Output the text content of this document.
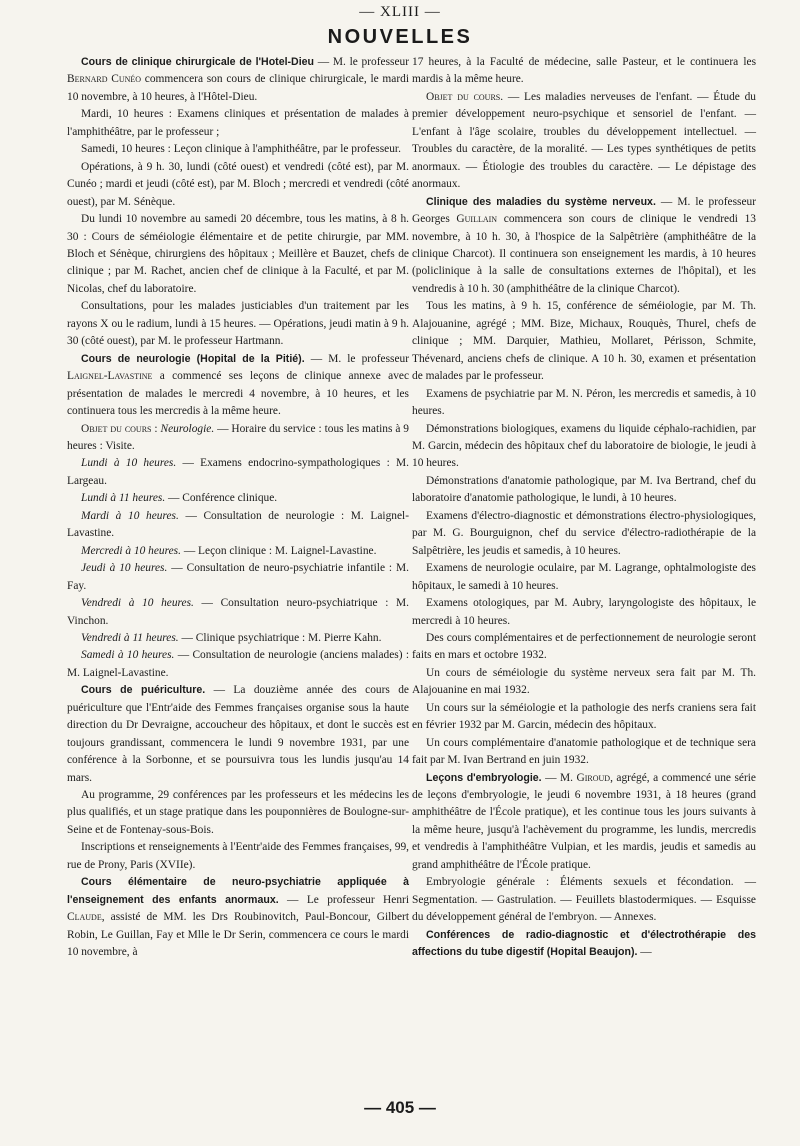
— XLIII —
NOUVELLES

Cours de clinique chirurgicale de l'Hotel-Dieu — M. le professeur Bernard Cunéo commencera son cours de clinique chirurgicale, le mardi 10 novembre, à 10 heures, à l'Hôtel-Dieu.

Mardi, 10 heures : Examens cliniques et présentation de malades à l'amphithéâtre, par le professeur ;

Samedi, 10 heures : Leçon clinique à l'amphithéâtre, par le professeur.

Opérations, à 9 h. 30, lundi (côté ouest) et vendredi (côté est), par M. Cunéo ; mardi et jeudi (côté est), par M. Bloch ; mercredi et vendredi (côté ouest), par M. Sénèque.

Du lundi 10 novembre au samedi 20 décembre, tous les matins, à 8 h. 30 : Cours de séméiologie élémentaire et de petite chirurgie, par MM. Bloch et Sénèque, chirurgiens des hôpitaux ; Meillère et Bauzet, chefs de clinique ; par M. Rachet, ancien chef de clinique à la Faculté, et par M. Nicolas, chef du laboratoire.

Consultations, pour les malades justiciables d'un traitement par les rayons X ou le radium, lundi à 15 heures. — Opérations, jeudi matin à 9 h. 30 (côté ouest), par M. le professeur Hartmann.

Cours de neurologie (Hopital de la Pitié). — M. le professeur Laignel-Lavastine a commencé ses leçons de clinique annexe avec présentation de malades le mercredi 4 novembre, à 10 heures, et les continuera tous les mercredis à la même heure.

Objet du cours : Neurologie. — Horaire du service : tous les matins à 9 heures : Visite.

Lundi à 10 heures. — Examens endocrino-sympathologiques : M. Largeau.

Lundi à 11 heures. — Conférence clinique.

Mardi à 10 heures. — Consultation de neurologie : M. Laignel-Lavastine.

Mercredi à 10 heures. — Leçon clinique : M. Laignel-Lavastine.

Jeudi à 10 heures. — Consultation de neuro-psychiatrie infantile : M. Fay.

Vendredi à 10 heures. — Consultation neuro-psychiatrique : M. Vinchon.

Vendredi à 11 heures. — Clinique psychiatrique : M. Pierre Kahn.

Samedi à 10 heures. — Consultation de neurologie (anciens malades) : M. Laignel-Lavastine.

Cours de puériculture. — La douzième année des cours de puériculture que l'Entr'aide des Femmes françaises organise sous la haute direction du Dr Devraigne, accoucheur des hôpitaux, et dont le succès est toujours grandissant, commencera le lundi 9 novembre 1931, par une conférence à la Sorbonne, et se poursuivra tous les lundis jusqu'au 14 mars.

Au programme, 29 conférences par les professeurs et les médecins les plus qualifiés, et un stage pratique dans les pouponnières de Boulogne-sur-Seine et de Fontenay-sous-Bois.

Inscriptions et renseignements à l'Eentr'aide des Femmes françaises, 99, rue de Prony, Paris (XVIIe).

Cours élémentaire de neuro-psychiatrie appliquée à l'enseignement des enfants anormaux. — Le professeur Henri Claude, assisté de MM. les Drs Roubinovitch, Paul-Boncour, Gilbert Robin, Le Guillan, Fay et Mlle le Dr Serin, commencera ce cours le mardi 10 novembre, à

17 heures, à la Faculté de médecine, salle Pasteur, et le continuera les mardis à la même heure.

Objet du cours. — Les maladies nerveuses de l'enfant. — Étude du premier développement neuro-psychique et sensoriel de l'enfant. — L'enfant à l'âge scolaire, troubles du développement intellectuel. — Troubles du caractère, de la moralité. — Les types synthétiques de petits anormaux. — Étiologie des troubles du caractère. — Le dépistage des anormaux.

Clinique des maladies du système nerveux. — M. le professeur Georges Guillain commencera son cours de clinique le vendredi 13 novembre, à 10 h. 30, à l'hospice de la Salpêtrière (amphithéâtre de la clinique Charcot). Il continuera son enseignement les mardis, à 10 heures (policlinique à la salle de consultations externes de l'hôpital), et les vendredis à 10 h. 30 (amphithéâtre de la clinique Charcot).

Tous les matins, à 9 h. 15, conférence de séméiologie, par M. Th. Alajouanine, agrégé ; MM. Bize, Michaux, Rouquès, Thurel, chefs de clinique ; MM. Darquier, Mathieu, Mollaret, Périsson, Schmite, Thévenard, anciens chefs de clinique. A 10 h. 30, examen et présentation de malades par le professeur.

Examens de psychiatrie par M. N. Péron, les mercredis et samedis, à 10 heures.

Démonstrations biologiques, examens du liquide céphalo-rachidien, par M. Garcin, médecin des hôpitaux chef du laboratoire de biologie, le jeudi à 10 heures.

Démonstrations d'anatomie pathologique, par M. Iva Bertrand, chef du laboratoire d'anatomie pathologique, le lundi, à 10 heures.

Examens d'électro-diagnostic et démonstrations électro-physiologiques, par M. G. Bourguignon, chef du service d'électro-radiothérapie de la Salpêtrière, les jeudis et samedis, à 10 heures.

Examens de neurologie oculaire, par M. Lagrange, ophtalmologiste des hôpitaux, le samedi à 10 heures.

Examens otologiques, par M. Aubry, laryngologiste des hôpitaux, le mercredi à 10 heures.

Des cours complémentaires et de perfectionnement de neurologie seront faits en mars et octobre 1932.

Un cours de séméiologie du système nerveux sera fait par M. Th. Alajouanine en mai 1932.

Un cours sur la séméiologie et la pathologie des nerfs craniens sera fait en février 1932 par M. Garcin, médecin des hôpitaux.

Un cours complémentaire d'anatomie pathologique et de technique sera fait par M. Ivan Bertrand en juin 1932.

Leçons d'embryologie. — M. Giroud, agrégé, a commencé une série de leçons d'embryologie, le jeudi 6 novembre 1931, à 18 heures (grand amphithéâtre de l'École pratique), et les continue tous les jours suivants à la même heure, jusqu'à l'achèvement du programme, les lundis, mercredis et vendredis à l'amphithéâtre Vulpian, et les mardis, jeudis et samedis au grand amphithéâtre de l'École pratique.

Embryologie générale : Éléments sexuels et fécondation. — Segmentation. — Gastrulation. — Feuillets blastodermiques. — Esquisse du développement général de l'embryon. — Annexes.

Conférences de radio-diagnostic et d'électrothérapie des affections du tube digestif (Hopital Beaujon). —

— 405 —
